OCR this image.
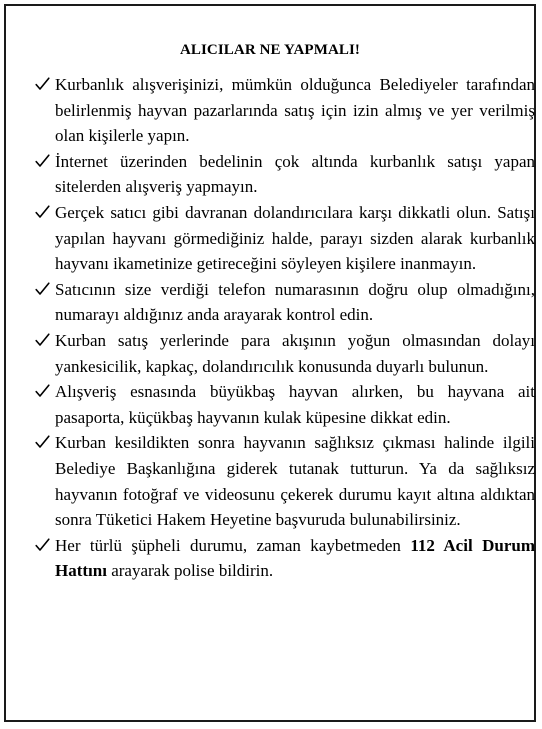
ALICILAR NE YAPMALI!
Kurbanlık alışverişinizi, mümkün olduğunca Belediyeler tarafından belirlenmiş hayvan pazarlarında satış için izin almış ve yer verilmiş olan kişilerle yapın.
İnternet üzerinden bedelinin çok altında kurbanlık satışı yapan sitelerden alışveriş yapmayın.
Gerçek satıcı gibi davranan dolandırıcılara karşı dikkatli olun. Satışı yapılan hayvanı görmediğiniz halde, parayı sizden alarak kurbanlık hayvanı ikametinize getireceğini söyleyen kişilere inanmayın.
Satıcının size verdiği telefon numarasının doğru olup olmadığını, numarayı aldığınız anda arayarak kontrol edin.
Kurban satış yerlerinde para akışının yoğun olmasından dolayı yankesicilik, kapkaç, dolandırıcılık konusunda duyarlı bulunun.
Alışveriş esnasında büyükbaş hayvan alırken, bu hayvana ait pasaporta, küçükbaş hayvanın kulak küpesine dikkat edin.
Kurban kesildikten sonra hayvanın sağlıksız çıkması halinde ilgili Belediye Başkanlığına giderek tutanak tutturun. Ya da sağlıksız hayvanın fotoğraf ve videosunu çekerek durumu kayıt altına aldıktan sonra Tüketici Hakem Heyetine başvuruda bulunabilirsiniz.
Her türlü şüpheli durumu, zaman kaybetmeden 112 Acil Durum Hattını arayarak polise bildirin.
